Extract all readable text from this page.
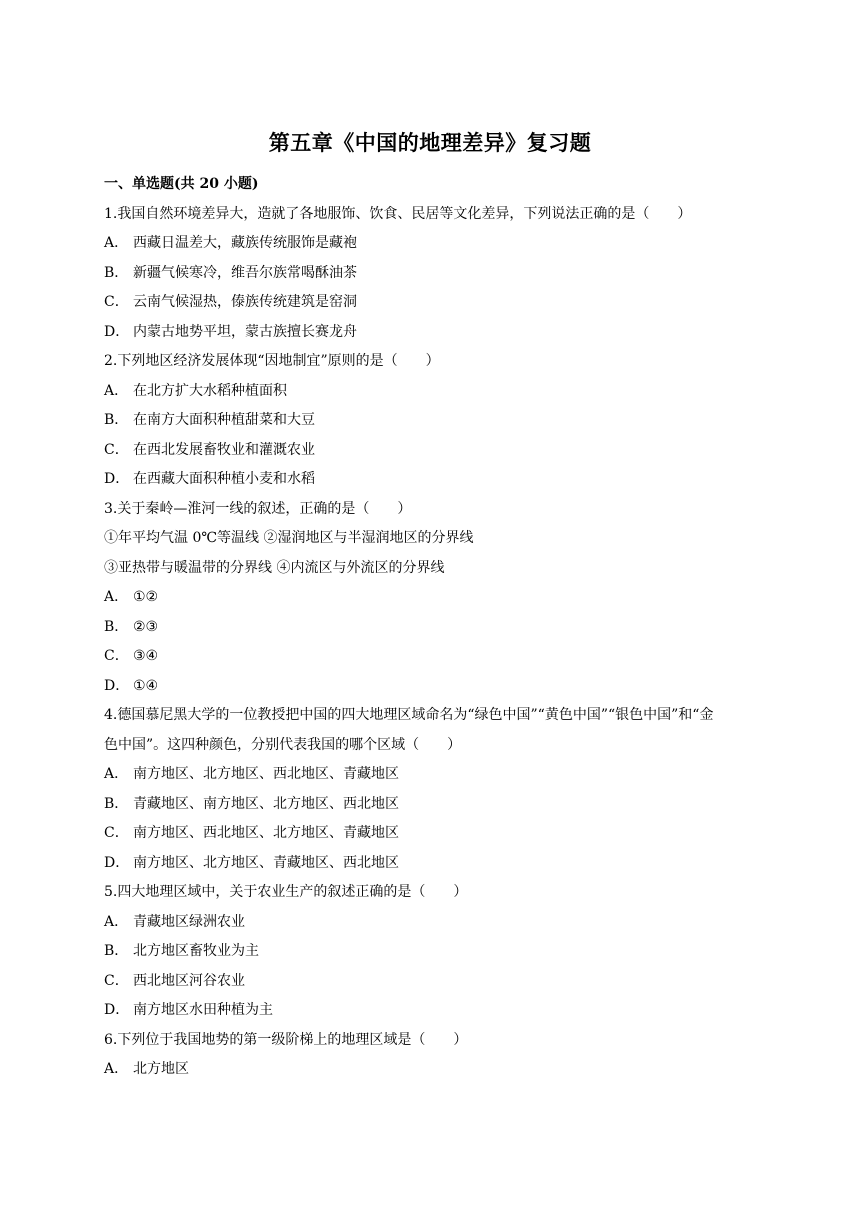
第五章《中国的地理差异》复习题
一、单选题(共 20 小题)
1.我国自然环境差异大，造就了各地服饰、饮食、民居等文化差异，下列说法正确的是（　　）
A． 西藏日温差大，藏族传统服饰是藏袍
B． 新疆气候寒冷，维吾尔族常喝酥油茶
C． 云南气候湿热，傣族传统建筑是窑洞
D． 内蒙古地势平坦，蒙古族擅长赛龙舟
2.下列地区经济发展体现“因地制宜”原则的是（　　）
A． 在北方扩大水稻种植面积
B． 在南方大面积种植甜菜和大豆
C． 在西北发展畜牧业和灌溉农业
D． 在西藏大面积种植小麦和水稻
3.关于秦岭—淮河一线的叙述，正确的是（　　）
①年平均气温 0℃等温线 ②湿润地区与半湿润地区的分界线
③亚热带与暖温带的分界线 ④内流区与外流区的分界线
A． ①②
B． ②③
C． ③④
D． ①④
4.德国慕尼黑大学的一位教授把中国的四大地理区域命名为“绿色中国”“黄色中国”“银色中国”和“金
色中国”。这四种颜色，分别代表我国的哪个区域（　　）
A． 南方地区、北方地区、西北地区、青藏地区
B． 青藏地区、南方地区、北方地区、西北地区
C． 南方地区、西北地区、北方地区、青藏地区
D． 南方地区、北方地区、青藏地区、西北地区
5.四大地理区域中，关于农业生产的叙述正确的是（　　）
A． 青藏地区绿洲农业
B． 北方地区畜牧业为主
C． 西北地区河谷农业
D． 南方地区水田种植为主
6.下列位于我国地势的第一级阶梯上的地理区域是（　　）
A． 北方地区
